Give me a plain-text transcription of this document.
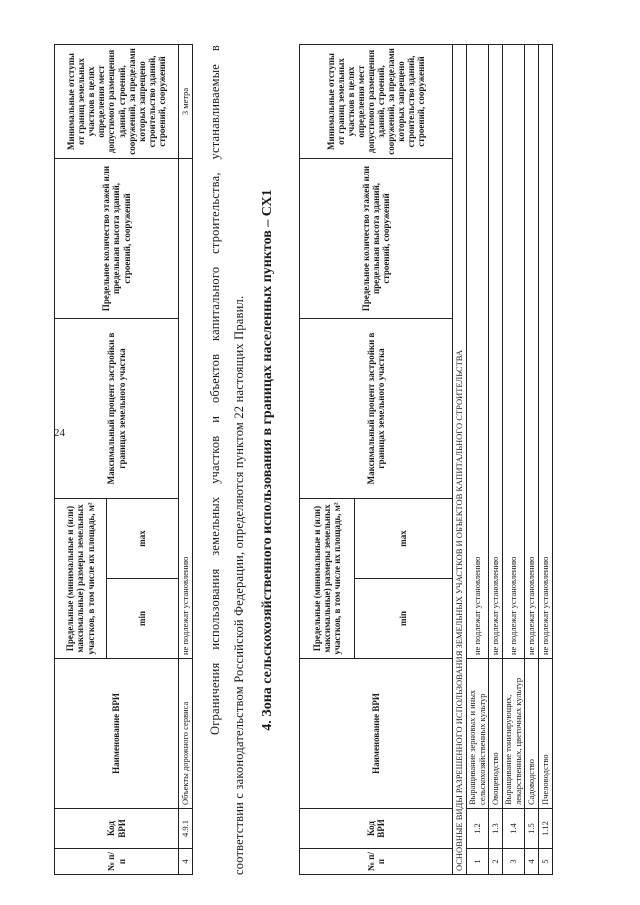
24
№ п/п	Код ВРИ	Наименование ВРИ	Предельные (минимальные и (или) максимальные) размеры земельных участков, в том числе их площадь, м²		Максимальный процент застройки в границах земельного участка	Предельное количество этажей или предельная высота зданий, строений, сооружений	Минимальные отступы от границ земельных участков в целях определения мест допустимого размещения зданий, строений, сооружений, за пределами которых запрещено строительство зданий, строений, сооружений
			min	max			
4	4.9.1	Объекты дорожного сервиса	не подлежат установлению				3 метра Ограничения использования земельных участков и объектов капитального строительства, устанавливаемые в соответствии с законодательством Российской Федерации, определяются пунктом 22 настоящих Правил. 4. Зона сельскохозяйственного использования в границах населенных пунктов – СХ1
№ п/п	Код ВРИ	Наименование ВРИ	Предельные (минимальные и (или) максимальные) размеры земельных участков, в том числе их площадь, м²		Максимальный процент застройки в границах земельного участка	Предельное количество этажей или предельная высота зданий, строений, сооружений	Минимальные отступы от границ земельных участков в целях определения мест допустимого размещения зданий, строений, сооружений, за пределами которых запрещено строительство зданий, строений, сооружений
			min	max			
ОСНОВНЫЕ ВИДЫ РАЗРЕШЕННОГО ИСПОЛЬЗОВАНИЯ ЗЕМЕЛЬНЫХ УЧАСТКОВ И ОБЪЕКТОВ КАПИТАЛЬНОГО СТРОИТЕЛЬСТВА							
1	1.2	Выращивание зерновых и иных сельскохозяйственных культур	не подлежат установлению				
2	1.3	Овощеводство	не подлежат установлению				
3	1.4	Выращивание тонизирующих, лекарственных, цветочных культур	не подлежат установлению				
4	1.5	Садоводство	не подлежат установлению				
5	1.12	Пчеловодство	не подлежат установлению				
